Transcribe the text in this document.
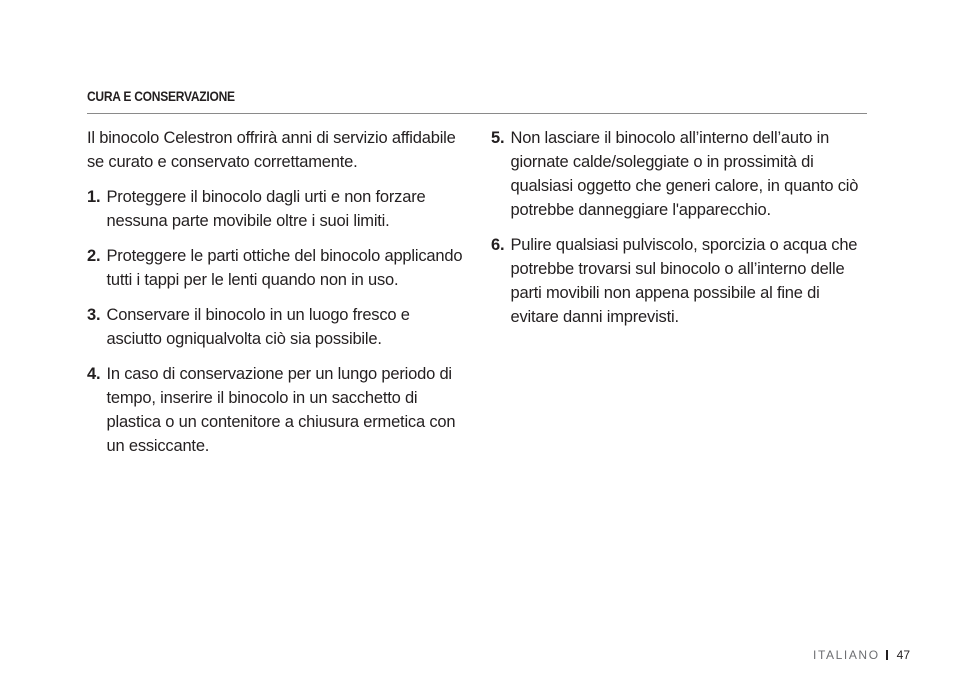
CURA E CONSERVAZIONE

Il binocolo Celestron offrirà anni di servizio affidabile se curato e conservato correttamente.

1. Proteggere il binocolo dagli urti e non forzare nessuna parte movibile oltre i suoi limiti.
2. Proteggere le parti ottiche del binocolo applicando tutti i tappi per le lenti quando non in uso.
3. Conservare il binocolo in un luogo fresco e asciutto ogniqualvolta ciò sia possibile.
4. In caso di conservazione per un lungo periodo di tempo, inserire il binocolo in un sacchetto di plastica o un contenitore a chiusura ermetica con un essiccante.
5. Non lasciare il binocolo all’interno dell’auto in giornate calde/soleggiate o in prossimità di qualsiasi oggetto che generi calore, in quanto ciò potrebbe danneggiare l'apparecchio.
6. Pulire qualsiasi pulviscolo, sporcizia o acqua che potrebbe trovarsi sul binocolo o all’interno delle parti movibili non appena possibile al fine di evitare danni imprevisti.
ITALIANO 47
